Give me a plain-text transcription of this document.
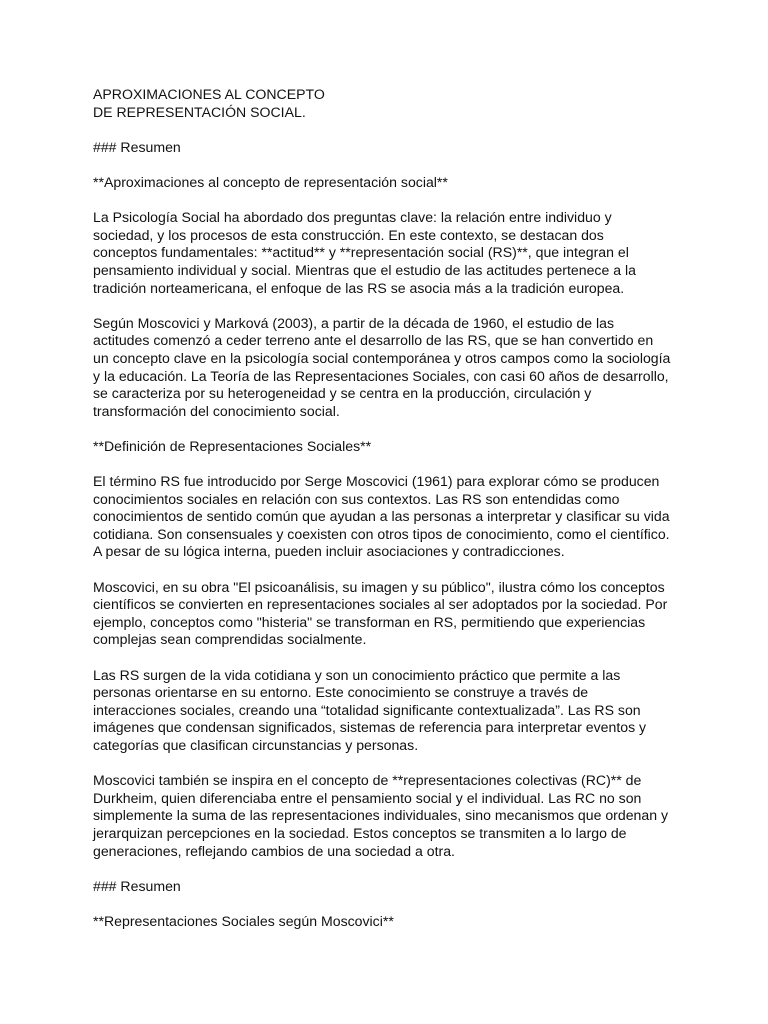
APROXIMACIONES AL CONCEPTO
DE REPRESENTACIÓN SOCIAL.

### Resumen

**Aproximaciones al concepto de representación social**

La Psicología Social ha abordado dos preguntas clave: la relación entre individuo y
sociedad, y los procesos de esta construcción. En este contexto, se destacan dos
conceptos fundamentales: **actitud** y **representación social (RS)**, que integran el
pensamiento individual y social. Mientras que el estudio de las actitudes pertenece a la
tradición norteamericana, el enfoque de las RS se asocia más a la tradición europea.

Según Moscovici y Marková (2003), a partir de la década de 1960, el estudio de las
actitudes comenzó a ceder terreno ante el desarrollo de las RS, que se han convertido en
un concepto clave en la psicología social contemporánea y otros campos como la sociología
y la educación. La Teoría de las Representaciones Sociales, con casi 60 años de desarrollo,
se caracteriza por su heterogeneidad y se centra en la producción, circulación y
transformación del conocimiento social.

**Definición de Representaciones Sociales**

El término RS fue introducido por Serge Moscovici (1961) para explorar cómo se producen
conocimientos sociales en relación con sus contextos. Las RS son entendidas como
conocimientos de sentido común que ayudan a las personas a interpretar y clasificar su vida
cotidiana. Son consensuales y coexisten con otros tipos de conocimiento, como el científico.
A pesar de su lógica interna, pueden incluir asociaciones y contradicciones.

Moscovici, en su obra "El psicoanálisis, su imagen y su público", ilustra cómo los conceptos
científicos se convierten en representaciones sociales al ser adoptados por la sociedad. Por
ejemplo, conceptos como "histeria" se transforman en RS, permitiendo que experiencias
complejas sean comprendidas socialmente.

Las RS surgen de la vida cotidiana y son un conocimiento práctico que permite a las
personas orientarse en su entorno. Este conocimiento se construye a través de
interacciones sociales, creando una “totalidad significante contextualizada”. Las RS son
imágenes que condensan significados, sistemas de referencia para interpretar eventos y
categorías que clasifican circunstancias y personas.

Moscovici también se inspira en el concepto de **representaciones colectivas (RC)** de
Durkheim, quien diferenciaba entre el pensamiento social y el individual. Las RC no son
simplemente la suma de las representaciones individuales, sino mecanismos que ordenan y
jerarquizan percepciones en la sociedad. Estos conceptos se transmiten a lo largo de
generaciones, reflejando cambios de una sociedad a otra.

### Resumen

**Representaciones Sociales según Moscovici**
